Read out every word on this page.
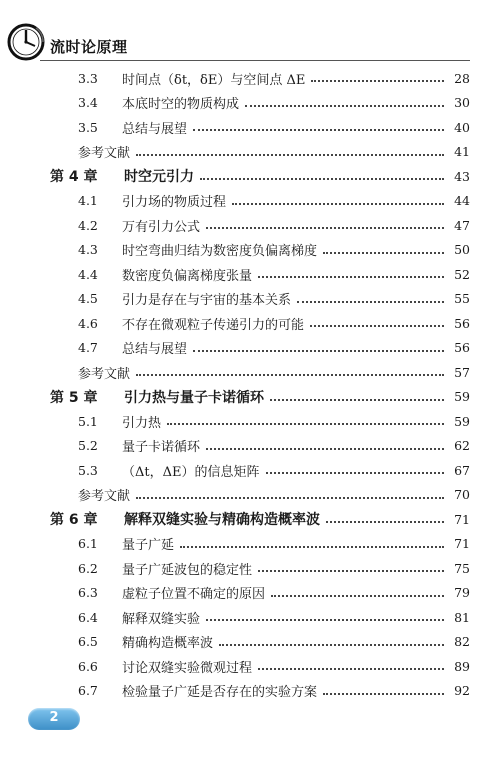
流时论原理
3.3	时间点（δt，δE）与空间点 ΔE	28
3.4	本底时空的物质构成	30
3.5	总结与展望	40
参考文献	41
第 4 章 时空元引力	43
4.1	引力场的物质过程	44
4.2	万有引力公式	47
4.3	时空弯曲归结为数密度负偏离梯度	50
4.4	数密度负偏离梯度张量	52
4.5	引力是存在与宇宙的基本关系	55
4.6	不存在微观粒子传递引力的可能	56
4.7	总结与展望	56
参考文献	57
第 5 章 引力热与量子卡诺循环	59
5.1	引力热	59
5.2	量子卡诺循环	62
5.3	（Δt，ΔE）的信息矩阵	67
参考文献	70
第 6 章 解释双缝实验与精确构造概率波	71
6.1	量子广延	71
6.2	量子广延波包的稳定性	75
6.3	虚粒子位置不确定的原因	79
6.4	解释双缝实验	81
6.5	精确构造概率波	82
6.6	讨论双缝实验微观过程	89
6.7	检验量子广延是否存在的实验方案	92
2
